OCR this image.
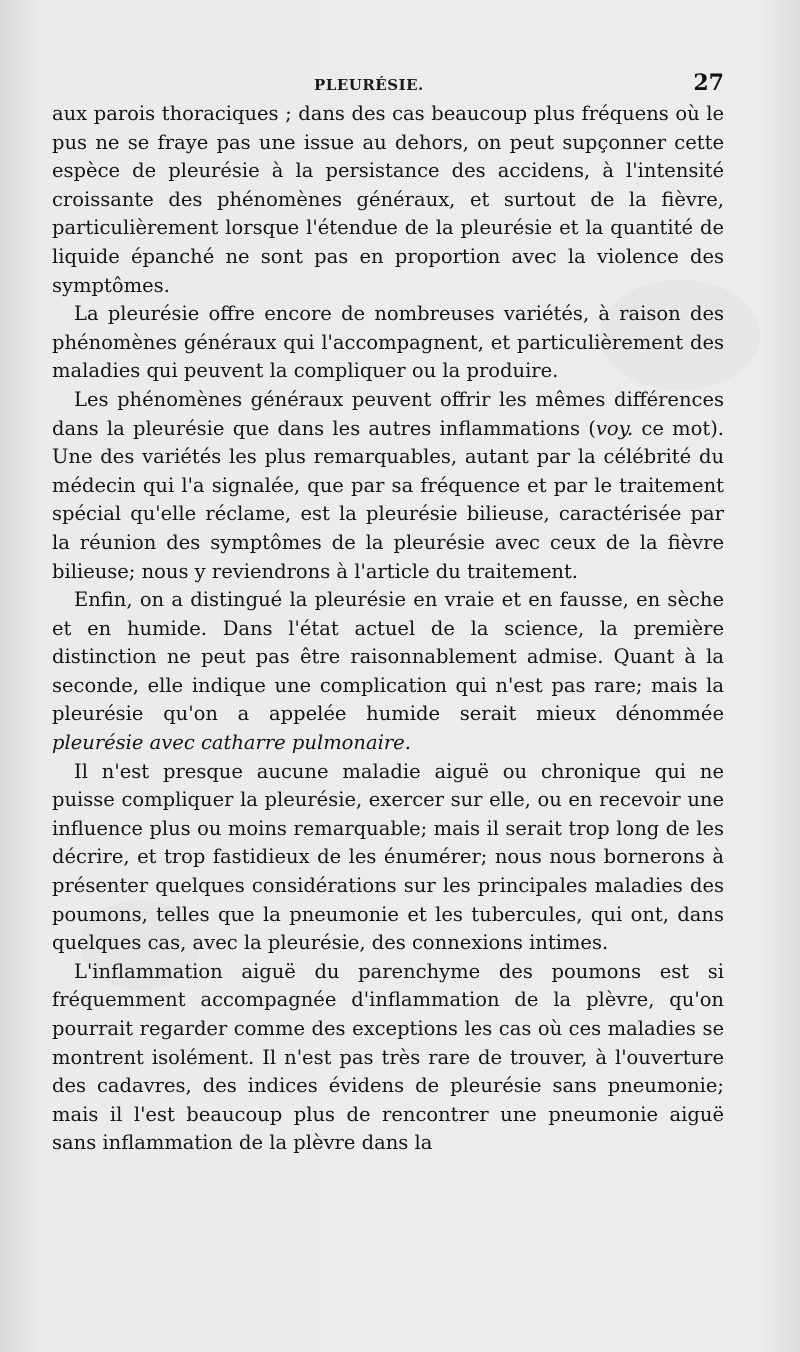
PLEURÉSIE.	27

aux parois thoraciques ; dans des cas beaucoup plus fréquens où le pus ne se fraye pas une issue au dehors, on peut supçonner cette espèce de pleurésie à la persistance des accidens, à l'intensité croissante des phénomènes généraux, et surtout de la fièvre, particulièrement lorsque l'étendue de la pleurésie et la quantité de liquide épanché ne sont pas en proportion avec la violence des symptômes.

La pleurésie offre encore de nombreuses variétés, à raison des phénomènes généraux qui l'accompagnent, et particulièrement des maladies qui peuvent la compliquer ou la produire.

Les phénomènes généraux peuvent offrir les mêmes différences dans la pleurésie que dans les autres inflammations (voy. ce mot). Une des variétés les plus remarquables, autant par la célébrité du médecin qui l'a signalée, que par sa fréquence et par le traitement spécial qu'elle réclame, est la pleurésie bilieuse, caractérisée par la réunion des symptômes de la pleurésie avec ceux de la fièvre bilieuse; nous y reviendrons à l'article du traitement.

Enfin, on a distingué la pleurésie en vraie et en fausse, en sèche et en humide. Dans l'état actuel de la science, la première distinction ne peut pas être raisonnablement admise. Quant à la seconde, elle indique une complication qui n'est pas rare; mais la pleurésie qu'on a appelée humide serait mieux dénommée pleurésie avec catharre pulmonaire.

Il n'est presque aucune maladie aiguë ou chronique qui ne puisse compliquer la pleurésie, exercer sur elle, ou en recevoir une influence plus ou moins remarquable; mais il serait trop long de les décrire, et trop fastidieux de les énumérer; nous nous bornerons à présenter quelques considérations sur les principales maladies des poumons, telles que la pneumonie et les tubercules, qui ont, dans quelques cas, avec la pleurésie, des connexions intimes.

L'inflammation aiguë du parenchyme des poumons est si fréquemment accompagnée d'inflammation de la plèvre, qu'on pourrait regarder comme des exceptions les cas où ces maladies se montrent isolément. Il n'est pas très rare de trouver, à l'ouverture des cadavres, des indices évidens de pleurésie sans pneumonie; mais il l'est beaucoup plus de rencontrer une pneumonie aiguë sans inflammation de la plèvre dans la
